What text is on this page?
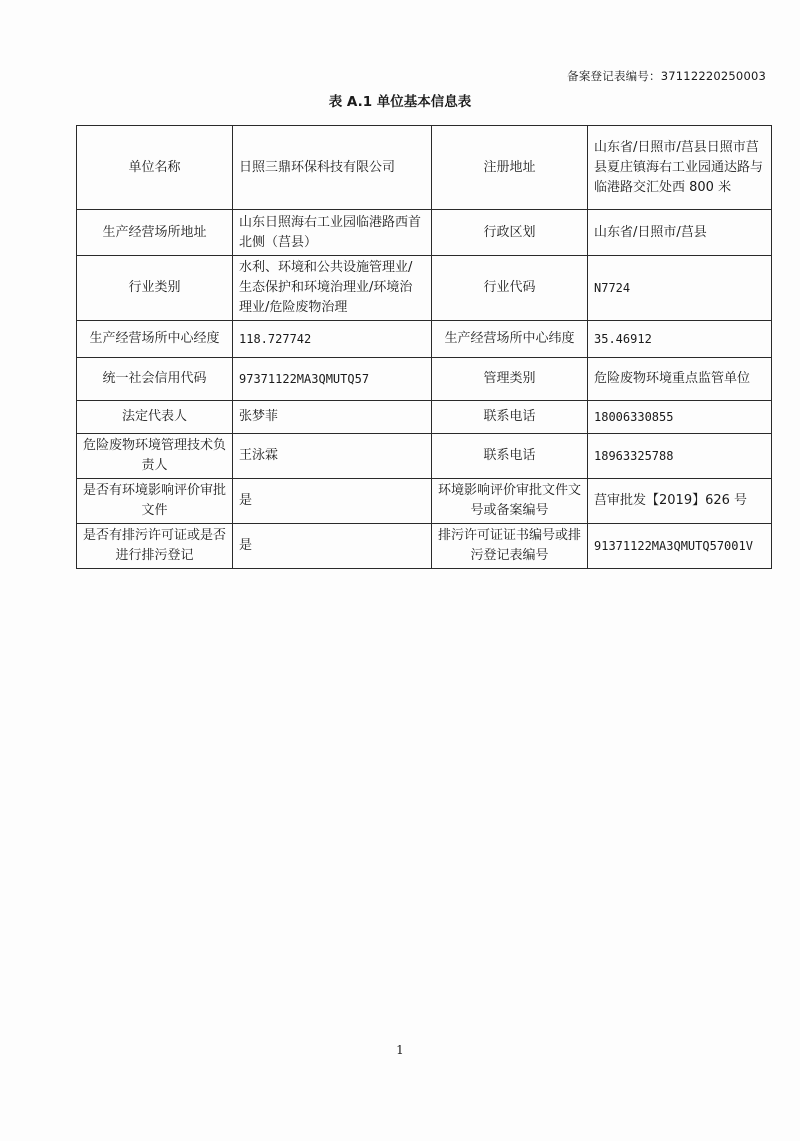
备案登记表编号：37112220250003
表 A.1 单位基本信息表
单位名称	日照三鼎环保科技有限公司	注册地址	山东省/日照市/莒县日照市莒县夏庄镇海右工业园通达路与临港路交汇处西 800 米
生产经营场所地址	山东日照海右工业园临港路西首北侧（莒县）	行政区划	山东省/日照市/莒县
行业类别	水利、环境和公共设施管理业/生态保护和环境治理业/环境治理业/危险废物治理	行业代码	N7724
生产经营场所中心经度	118.727742	生产经营场所中心纬度	35.46912
统一社会信用代码	97371122MA3QMUTQ57	管理类别	危险废物环境重点监管单位
法定代表人	张梦菲	联系电话	18006330855
危险废物环境管理技术负责人	王泳霖	联系电话	18963325788
是否有环境影响评价审批文件	是	环境影响评价审批文件文号或备案编号	莒审批发【2019】626 号
是否有排污许可证或是否进行排污登记	是	排污许可证证书编号或排污登记表编号	91371122MA3QMUTQ57001V
1
